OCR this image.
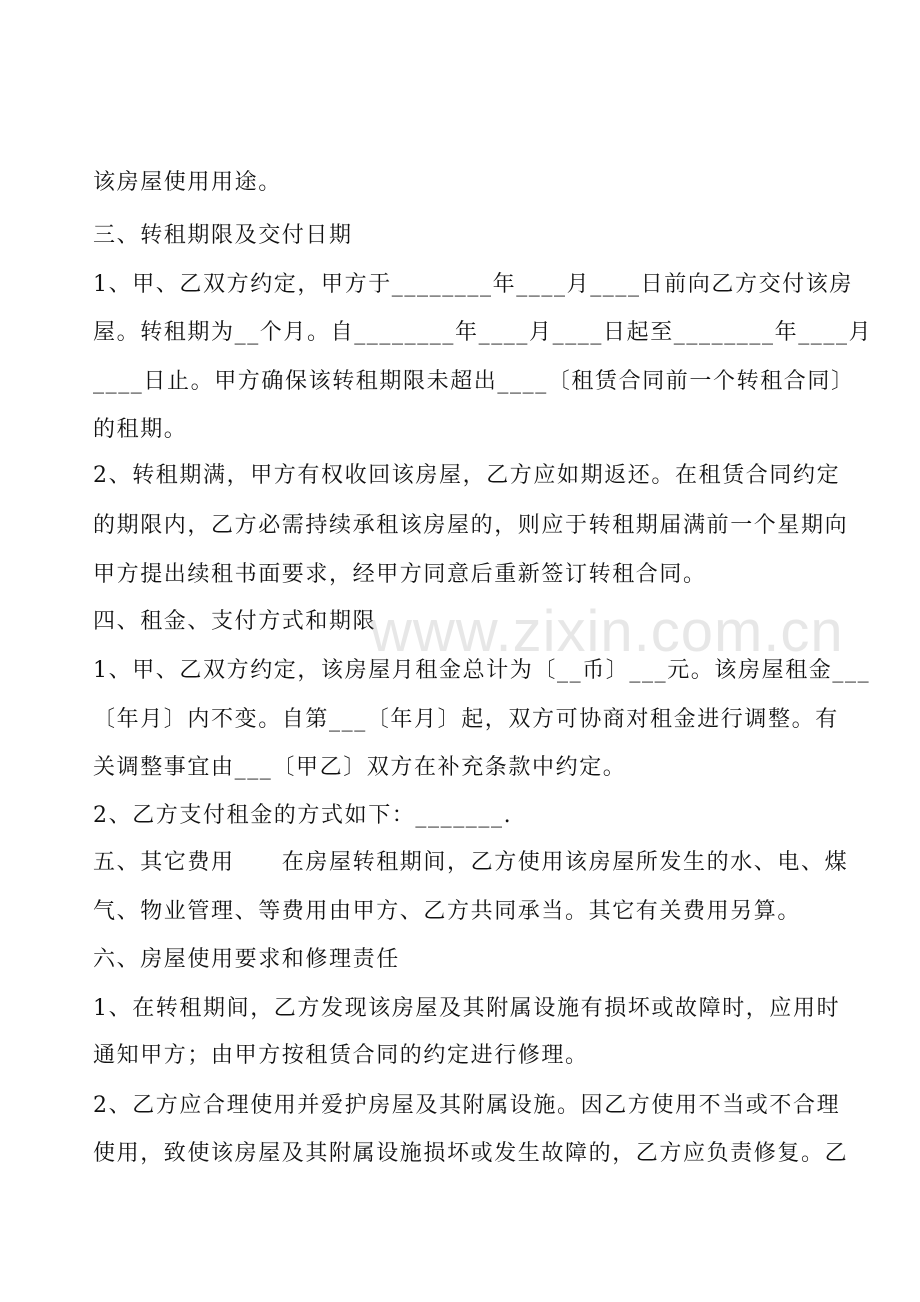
该房屋使用用途。
三、转租期限及交付日期
1、甲、乙双方约定，甲方于________年____月____日前向乙方交付该房
屋。转租期为__个月。自________年____月____日起至________年____月
____日止。甲方确保该转租期限未超出____〔租赁合同前一个转租合同〕
的租期。
2、转租期满，甲方有权收回该房屋，乙方应如期返还。在租赁合同约定
的期限内，乙方必需持续承租该房屋的，则应于转租期届满前一个星期向
甲方提出续租书面要求，经甲方同意后重新签订转租合同。
四、租金、支付方式和期限
1、甲、乙双方约定，该房屋月租金总计为〔__币〕___元。该房屋租金___
〔年月〕内不变。自第___〔年月〕起，双方可协商对租金进行调整。有
关调整事宜由___〔甲乙〕双方在补充条款中约定。
2、乙方支付租金的方式如下：_______.
五、其它费用　　在房屋转租期间，乙方使用该房屋所发生的水、电、煤
气、物业管理、等费用由甲方、乙方共同承当。其它有关费用另算。
六、房屋使用要求和修理责任
1、在转租期间，乙方发现该房屋及其附属设施有损坏或故障时，应用时
通知甲方；由甲方按租赁合同的约定进行修理。
2、乙方应合理使用并爱护房屋及其附属设施。因乙方使用不当或不合理
使用，致使该房屋及其附属设施损坏或发生故障的，乙方应负责修复。乙
www.zixin.com.cn
